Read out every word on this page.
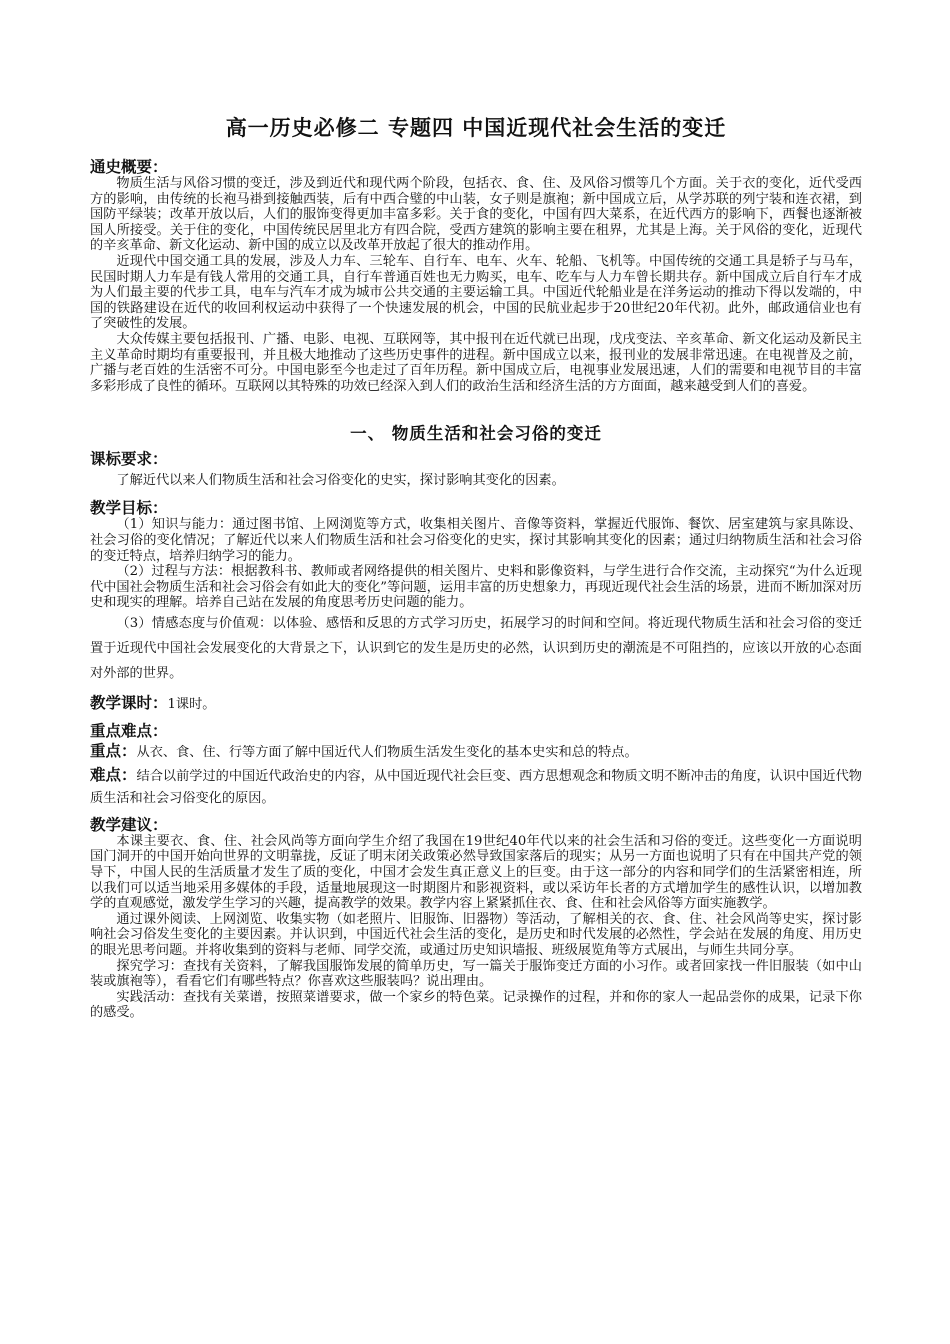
高一历史必修二 专题四 中国近现代社会生活的变迁
通史概要：

物质生活与风俗习惯的变迁，涉及到近代和现代两个阶段，包括衣、食、住、及风俗习惯等几个方面。关于衣的变化，近代受西方的影响，由传统的长袍马褂到接触西装，后有中西合璧的中山装，女子则是旗袍；新中国成立后，从学苏联的列宁装和连衣裙，到国防平绿装；改革开放以后，人们的服饰变得更加丰富多彩。关于食的变化，中国有四大菜系，在近代西方的影响下，西餐也逐渐被国人所接受。关于住的变化，中国传统民居里北方有四合院，受西方建筑的影响主要在租界，尤其是上海。关于风俗的变化，近现代的辛亥革命、新文化运动、新中国的成立以及改革开放起了很大的推动作用。

近现代中国交通工具的发展，涉及人力车、三轮车、自行车、电车、火车、轮船、飞机等。中国传统的交通工具是轿子与马车，民国时期人力车是有钱人常用的交通工具，自行车普通百姓也无力购买，电车、吃车与人力车曾长期共存。新中国成立后自行车才成为人们最主要的代步工具，电车与汽车才成为城市公共交通的主要运输工具。中国近代轮船业是在洋务运动的推动下得以发端的，中国的铁路建设在近代的收回利权运动中获得了一个快速发展的机会，中国的民航业起步于20世纪20年代初。此外，邮政通信业也有了突破性的发展。

大众传媒主要包括报刊、广播、电影、电视、互联网等，其中报刊在近代就已出现，戊戌变法、辛亥革命、新文化运动及新民主主义革命时期均有重要报刊，并且极大地推动了这些历史事件的进程。新中国成立以来，报刊业的发展非常迅速。在电视普及之前，广播与老百姓的生活密不可分。中国电影至今也走过了百年历程。新中国成立后，电视事业发展迅速，人们的需要和电视节目的丰富多彩形成了良性的循环。互联网以其特殊的功效已经深入到人们的政治生活和经济生活的方方面面，越来越受到人们的喜爱。

一、 物质生活和社会习俗的变迁
课标要求：

了解近代以来人们物质生活和社会习俗变化的史实，探讨影响其变化的因素。

教学目标：

（1）知识与能力：通过图书馆、上网浏览等方式，收集相关图片、音像等资料，掌握近代服饰、餐饮、居室建筑与家具陈设、社会习俗的变化情况；了解近代以来人们物质生活和社会习俗变化的史实，探讨其影响其变化的因素；通过归纳物质生活和社会习俗的变迁特点，培养归纳学习的能力。

（2）过程与方法：根据教科书、教师或者网络提供的相关图片、史料和影像资料，与学生进行合作交流，主动探究“为什么近现代中国社会物质生活和社会习俗会有如此大的变化”等问题，运用丰富的历史想象力，再现近现代社会生活的场景，进而不断加深对历史和现实的理解。培养自己站在发展的角度思考历史问题的能力。

（3）情感态度与价值观：以体验、感悟和反思的方式学习历史，拓展学习的时间和空间。将近现代物质生活和社会习俗的变迁置于近现代中国社会发展变化的大背景之下，认识到它的发生是历史的必然，认识到历史的潮流是不可阻挡的，应该以开放的心态面对外部的世界。

教学课时：1课时。

重点难点：

重点：从衣、食、住、行等方面了解中国近代人们物质生活发生变化的基本史实和总的特点。

难点：结合以前学过的中国近代政治史的内容，从中国近现代社会巨变、西方思想观念和物质文明不断冲击的角度，认识中国近代物质生活和社会习俗变化的原因。

教学建议：

本课主要衣、食、住、社会风尚等方面向学生介绍了我国在19世纪40年代以来的社会生活和习俗的变迁。这些变化一方面说明国门洞开的中国开始向世界的文明靠拢，反证了明末闭关政策必然导致国家落后的现实；从另一方面也说明了只有在中国共产党的领导下，中国人民的生活质量才发生了质的变化，中国才会发生真正意义上的巨变。由于这一部分的内容和同学们的生活紧密相连，所以我们可以适当地采用多媒体的手段，适量地展现这一时期图片和影视资料，或以采访年长者的方式增加学生的感性认识，以增加教学的直观感觉，激发学生学习的兴趣，提高教学的效果。教学内容上紧紧抓住衣、食、住和社会风俗等方面实施教学。

通过课外阅读、上网浏览、收集实物（如老照片、旧服饰、旧器物）等活动，了解相关的衣、食、住、社会风尚等史实，探讨影响社会习俗发生变化的主要因素。并认识到，中国近代社会生活的变化，是历史和时代发展的必然性，学会站在发展的角度、用历史的眼光思考问题。并将收集到的资料与老师、同学交流，或通过历史知识墙报、班级展览角等方式展出，与师生共同分享。

探究学习：查找有关资料，了解我国服饰发展的简单历史，写一篇关于服饰变迁方面的小习作。或者回家找一件旧服装（如中山装或旗袍等），看看它们有哪些特点？你喜欢这些服装吗？说出理由。

实践活动：查找有关菜谱，按照菜谱要求，做一个家乡的特色菜。记录操作的过程，并和你的家人一起品尝你的成果，记录下你的感受。
